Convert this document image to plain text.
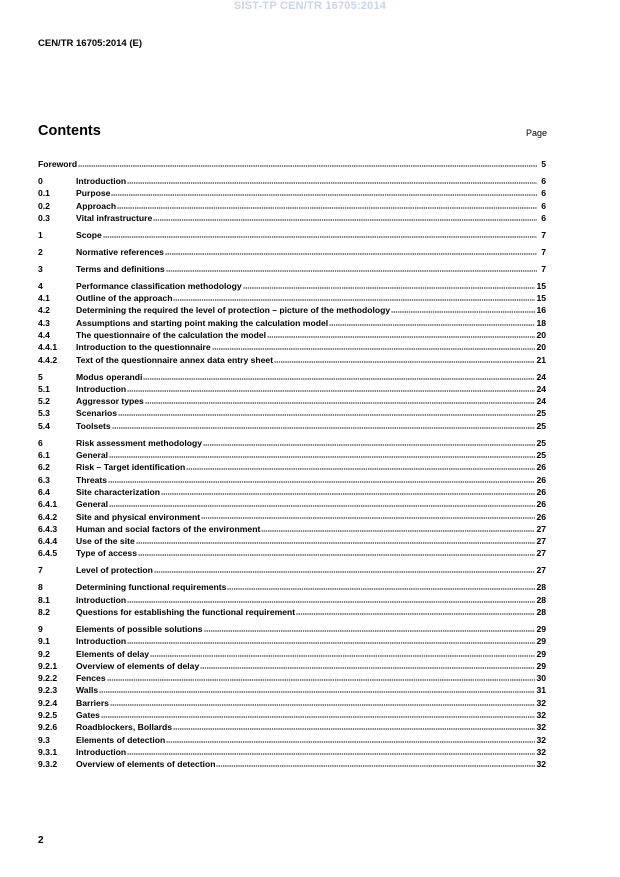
SIST-TP CEN/TR 16705:2014
CEN/TR 16705:2014 (E)
Contents	Page
Foreword	5
0	Introduction	6
0.1	Purpose	6
0.2	Approach	6
0.3	Vital infrastructure	6
1	Scope	7
2	Normative references	7
3	Terms and definitions	7
4	Performance classification methodology	15
4.1	Outline of the approach	15
4.2	Determining the required the level of protection – picture of the methodology	16
4.3	Assumptions and starting point making the calculation model	18
4.4	The questionnaire of the calculation the model	20
4.4.1	Introduction to the questionnaire	20
4.4.2	Text of the questionnaire annex data entry sheet	21
5	Modus operandi	24
5.1	Introduction	24
5.2	Aggressor types	24
5.3	Scenarios	25
5.4	Toolsets	25
6	Risk assessment methodology	25
6.1	General	25
6.2	Risk – Target identification	26
6.3	Threats	26
6.4	Site characterization	26
6.4.1	General	26
6.4.2	Site and physical environment	26
6.4.3	Human and social factors of the environment	27
6.4.4	Use of the site	27
6.4.5	Type of access	27
7	Level of protection	27
8	Determining functional requirements	28
8.1	Introduction	28
8.2	Questions for establishing the functional requirement	28
9	Elements of possible solutions	29
9.1	Introduction	29
9.2	Elements of delay	29
9.2.1	Overview of elements of delay	29
9.2.2	Fences	30
9.2.3	Walls	31
9.2.4	Barriers	32
9.2.5	Gates	32
9.2.6	Roadblockers, Bollards	32
9.3	Elements of detection	32
9.3.1	Introduction	32
9.3.2	Overview of elements of detection	32
2
